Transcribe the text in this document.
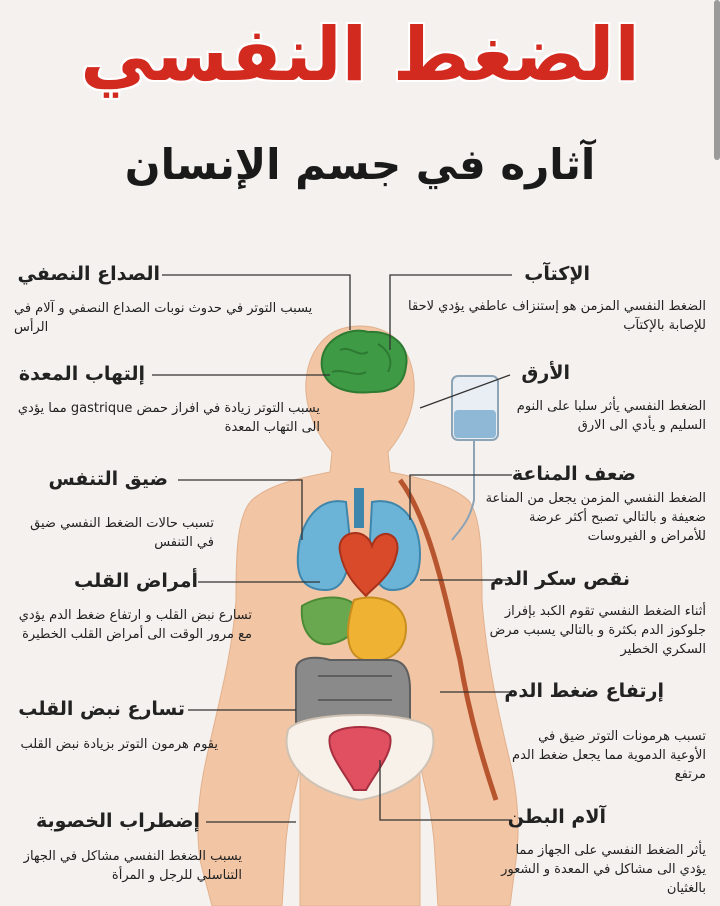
الضغط النفسي
آثاره في جسم الإنسان
الصداع النصفي
يسبب التوتر في حدوث نوبات الصداع النصفي و آلام في الرأس
إلتهاب المعدة
يسبب التوتر زيادة في افراز حمض gastrique مما يؤدي الى التهاب المعدة
ضيق التنفس
تسبب حالات الضغط النفسي ضيق في التنفس
أمراض القلب
تسارع نبض القلب و ارتفاع ضغط الدم يؤدي مع مرور الوقت الى أمراض القلب الخطيرة
تسارع نبض القلب
يقوم هرمون التوتر بزيادة نبض القلب
إضطراب الخصوبة
يسبب الضغط النفسي مشاكل في الجهاز التناسلي للرجل و المرأة
الإكتآب
الضغط النفسي المزمن هو إستنزاف عاطفي يؤدي لاحقا للإصابة بالإكتآب
الأرق
الضغط النفسي يأثر سلبا على النوم السليم و يأدي الى الارق
ضعف المناعة
الضغط النفسي المزمن يجعل من المناعة ضعيفة و بالتالي تصبح أكثر عرضة للأمراض و الفيروسات
نقص سكر الدم
أثناء الضغط النفسي تقوم الكبد بإفراز جلوكوز الدم بكثرة و بالتالي يسبب مرض السكري الخطير
إرتفاع ضغط الدم
تسبب هرمونات التوتر ضيق في الأوعية الدموية مما يجعل ضغط الدم مرتفع
آلام البطن
يأثر الضغط النفسي على الجهاز مما يؤدي الى مشاكل في المعدة و الشعور بالغثيان
